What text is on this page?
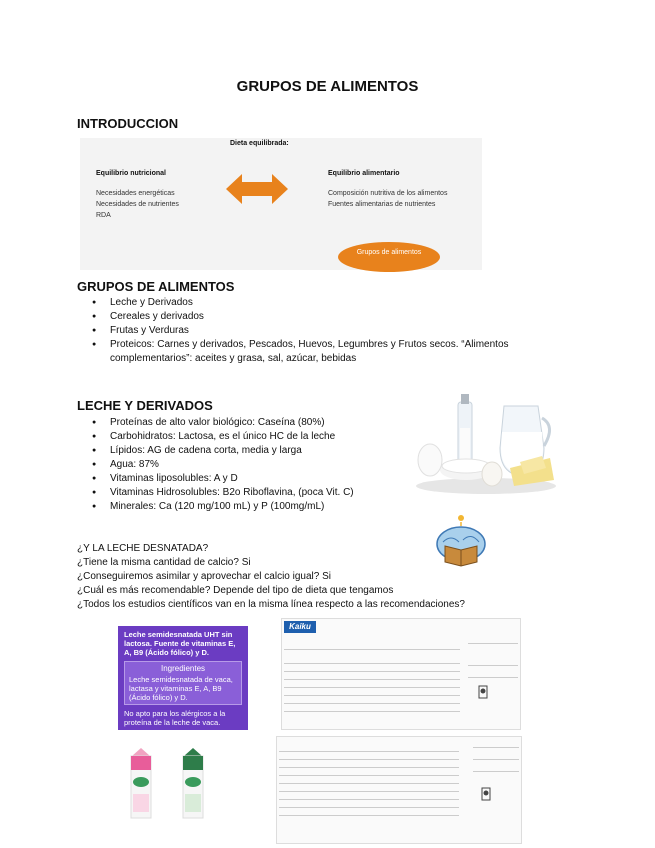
GRUPOS DE ALIMENTOS
INTRODUCCION
Dieta equilibrada:
Equilibrio nutricional
Necesidades energéticas
Necesidades de nutrientes
RDA
Equilibrio alimentario
Composición nutritiva de los alimentos
Fuentes alimentarias de nutrientes
Grupos de alimentos
GRUPOS DE ALIMENTOS
● Leche y Derivados
● Cereales y derivados
● Frutas y Verduras
● Proteicos: Carnes y derivados, Pescados, Huevos, Legumbres y Frutos secos. “Alimentos complementarios”: aceites y grasa, sal, azúcar, bebidas
LECHE Y DERIVADOS
● Proteínas de alto valor biológico: Caseína (80%)
● Carbohidratos: Lactosa, es el único HC de la leche
● Lípidos: AG de cadena corta, media y larga
● Agua: 87%
● Vitaminas liposolubles: A y D
● Vitaminas Hidrosolubles: B2o Riboflavina, (poca Vit. C)
● Minerales: Ca (120 mg/100 mL) y P (100mg/mL)
¿Y LA LECHE DESNATADA?
¿Tiene la misma cantidad de calcio? Si
¿Conseguiremos asimilar y aprovechar el calcio igual? Si
¿Cuál es más recomendable? Depende del tipo de dieta que tengamos
¿Todos los estudios científicos van en la misma línea respecto a las recomendaciones?
Leche semidesnatada UHT sin lactosa. Fuente de vitaminas E, A, B9 (Ácido fólico) y D.
Ingredientes
Leche semidesnatada de vaca, lactasa y vitaminas E, A, B9 (Ácido fólico) y D.
No apto para los alérgicos a la proteína de la leche de vaca.
Kaiku
